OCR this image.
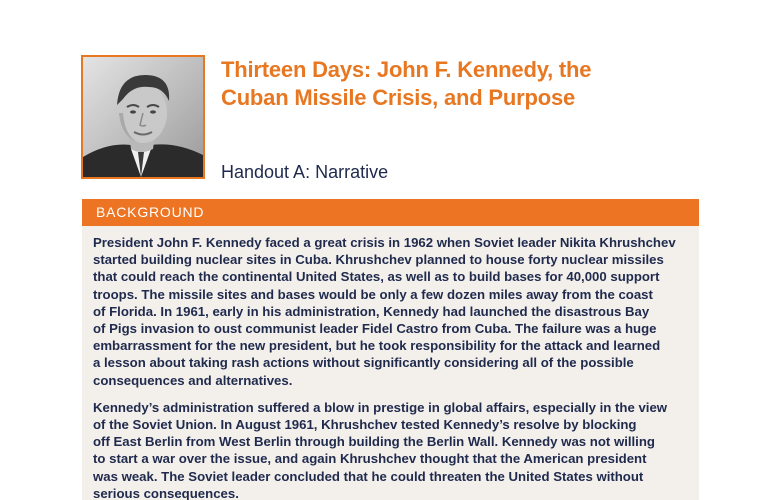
Thirteen Days: John F. Kennedy, the Cuban Missile Crisis, and Purpose
Handout A: Narrative
BACKGROUND

President John F. Kennedy faced a great crisis in 1962 when Soviet leader Nikita Khrushchev
started building nuclear sites in Cuba. Khrushchev planned to house forty nuclear missiles
that could reach the continental United States, as well as to build bases for 40,000 support
troops. The missile sites and bases would be only a few dozen miles away from the coast
of Florida. In 1961, early in his administration, Kennedy had launched the disastrous Bay
of Pigs invasion to oust communist leader Fidel Castro from Cuba. The failure was a huge
embarrassment for the new president, but he took responsibility for the attack and learned
a lesson about taking rash actions without significantly considering all of the possible
consequences and alternatives.

Kennedy’s administration suffered a blow in prestige in global affairs, especially in the view
of the Soviet Union. In August 1961, Khrushchev tested Kennedy’s resolve by blocking
off East Berlin from West Berlin through building the Berlin Wall. Kennedy was not willing
to start a war over the issue, and again Khrushchev thought that the American president
was weak. The Soviet leader concluded that he could threaten the United States without
serious consequences.
